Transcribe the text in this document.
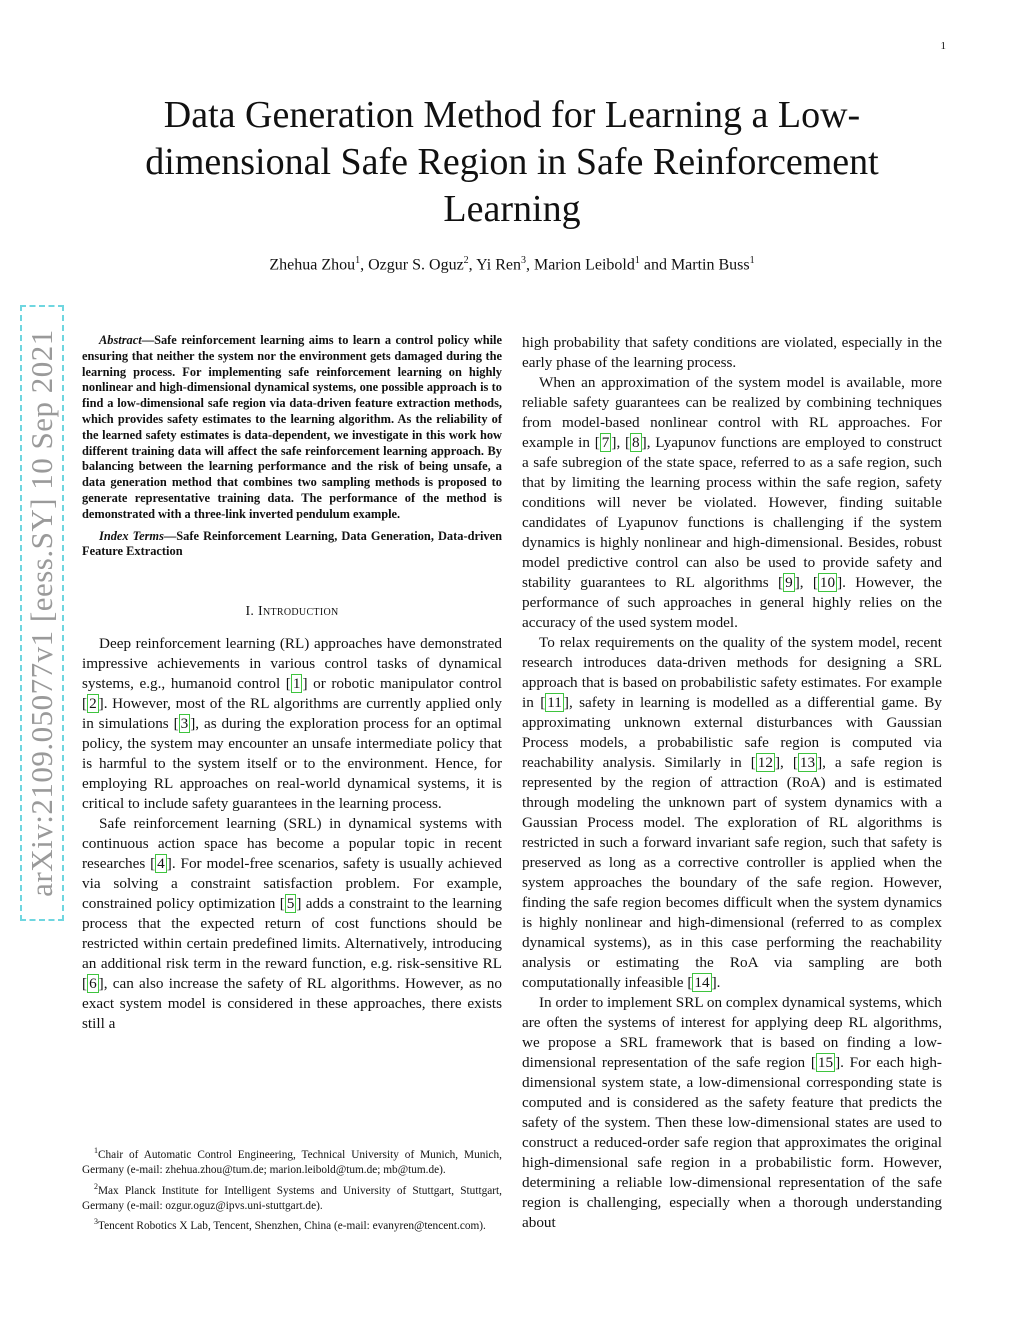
1
Data Generation Method for Learning a Low-dimensional Safe Region in Safe Reinforcement Learning
Zhehua Zhou$^1$, Ozgur S. Oguz$^2$, Yi Ren$^3$, Marion Leibold$^1$ and Martin Buss$^1$
arXiv:2109.05077v1 [eess.SY] 10 Sep 2021	Abstract—Safe reinforcement learning aims to learn a control policy while ensuring that neither the system nor the environment gets damaged during the learning process. For implementing safe reinforcement learning on highly nonlinear and high-dimensional dynamical systems, one possible approach is to find a low-dimensional safe region via data-driven feature extraction methods, which provides safety estimates to the learning algorithm. As the reliability of the learned safety estimates is data-dependent, we investigate in this work how different training data will affect the safe reinforcement learning approach. By balancing between the learning performance and the risk of being unsafe, a data generation method that combines two sampling methods is proposed to generate representative training data. The performance of the method is demonstrated with a three-link inverted pendulum example.

Index Terms—Safe Reinforcement Learning, Data Generation, Data-driven Feature Extraction

I. Introduction

Deep reinforcement learning (RL) approaches have demonstrated impressive achievements in various control tasks of dynamical systems, e.g., humanoid control [ 1 ] or robotic manipulator control [ 2 ]. However, most of the RL algorithms are currently applied only in simulations [ 3 ], as during the exploration process for an optimal policy, the system may encounter an unsafe intermediate policy that is harmful to the system itself or to the environment. Hence, for employing RL approaches on real-world dynamical systems, it is critical to include safety guarantees in the learning process.

Safe reinforcement learning (SRL) in dynamical systems with continuous action space has become a popular topic in recent researches [ 4 ]. For model-free scenarios, safety is usually achieved via solving a constraint satisfaction problem. For example, constrained policy optimization [ 5 ] adds a constraint to the learning process that the expected return of cost functions should be restricted within certain predefined limits. Alternatively, introducing an additional risk term in the reward function, e.g. risk-sensitive RL [ 6 ], can also increase the safety of RL algorithms. However, as no exact system model is considered in these approaches, there exists still a

high probability that safety conditions are violated, especially in the early phase of the learning process.

When an approximation of the system model is available, more reliable safety guarantees can be realized by combining techniques from model-based nonlinear control with RL approaches. For example in [ 7 ], [ 8 ], Lyapunov functions are employed to construct a safe subregion of the state space, referred to as a safe region, such that by limiting the learning process within the safe region, safety conditions will never be violated. However, finding suitable candidates of Lyapunov functions is challenging if the system dynamics is highly nonlinear and high-dimensional. Besides, robust model predictive control can also be used to provide safety and stability guarantees to RL algorithms [ 9 ], [ 10 ]. However, the performance of such approaches in general highly relies on the accuracy of the used system model.

To relax requirements on the quality of the system model, recent research introduces data-driven methods for designing a SRL approach that is based on probabilistic safety estimates. For example in [ 11 ], safety in learning is modelled as a differential game. By approximating unknown external disturbances with Gaussian Process models, a probabilistic safe region is computed via reachability analysis. Similarly in [ 12 ], [ 13 ], a safe region is represented by the region of attraction (RoA) and is estimated through modeling the unknown part of system dynamics with a Gaussian Process model. The exploration of RL algorithms is restricted in such a forward invariant safe region, such that safety is preserved as long as a corrective controller is applied when the system approaches the boundary of the safe region. However, finding the safe region becomes difficult when the system dynamics is highly nonlinear and high-dimensional (referred to as complex dynamical systems), as in this case performing the reachability analysis or estimating the RoA via sampling are both computationally infeasible [ 14 ].

In order to implement SRL on complex dynamical systems, which are often the systems of interest for applying deep RL algorithms, we propose a SRL framework that is based on finding a low-dimensional representation of the safe region [ 15 ]. For each high-dimensional system state, a low-dimensional corresponding state is computed and is considered as the safety feature that predicts the safety of the system. Then these low-dimensional states are used to construct a reduced-order safe region that approximates the original high-dimensional safe region in a probabilistic form. However, determining a reliable low-dimensional representation of the safe region is challenging, especially when a thorough understanding about

$^1$Chair of Automatic Control Engineering, Technical University of Munich, Munich, Germany (e-mail: zhehua.zhou@tum.de; marion.leibold@tum.de; mb@tum.de).

$^2$Max Planck Institute for Intelligent Systems and University of Stuttgart, Stuttgart, Germany (e-mail: ozgur.oguz@ipvs.uni-stuttgart.de).

$^3$Tencent Robotics X Lab, Tencent, Shenzhen, China (e-mail: evanyren@tencent.com).
